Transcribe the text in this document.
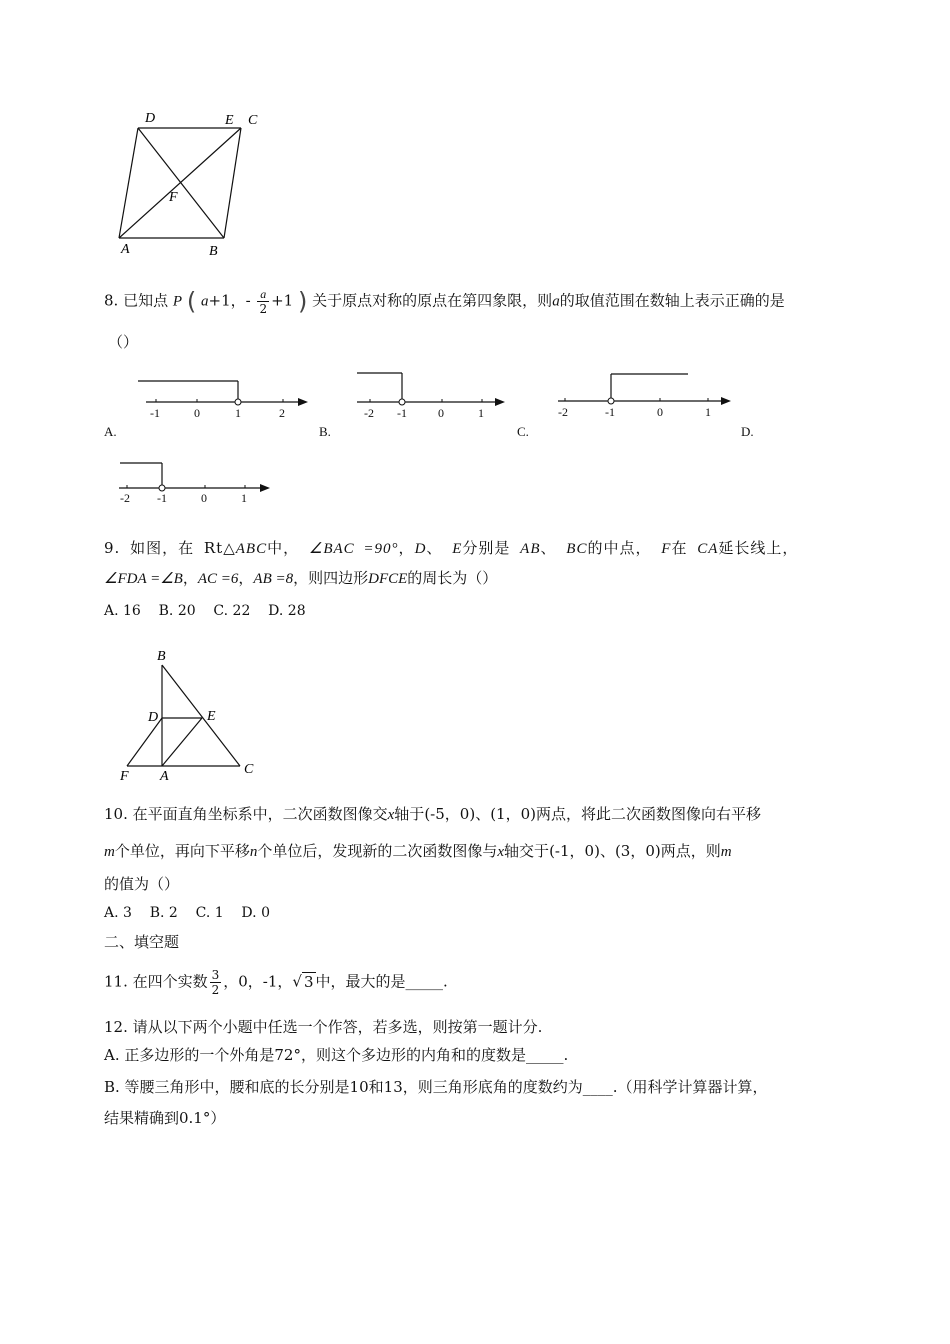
D	E C
F
A	B
8. 已知点 P ( a+1，- $\frac{a}{2} +1$ ) 关于原点对称的原点在第四象限，则a的取值范围在数轴上表示正确的是
（）
-1	0	1	2
A.
-2 -1	0	1
B.
-2	-1	0	1
C.	D.
-2 -1	0	1
9. 如图，在 Rt△ABC中， ∠BAC =90°，D、 E分别是 AB、 BC的中点， F在 CA延长线上，
∠FDA =∠B，AC =6，AB =8，则四边形DFCE的周长为（）
A. 16    B. 20    C. 22    D. 28
B
D	E
F A	C
10. 在平面直角坐标系中，二次函数图像交x轴于(-5，0)、(1，0)两点，将此二次函数图像向右平移
m个单位，再向下平移n个单位后，发现新的二次函数图像与x轴交于(-1，0)、(3，0)两点，则m
的值为（）
A. 3    B. 2    C. 1    D. 0
二、填空题
11. 在四个实数 $\frac{3}{2}$ ，0，-1，√ 3 中，最大的是_____.
12. 请从以下两个小题中任选一个作答，若多选，则按第一题计分.
A. 正多边形的一个外角是72°，则这个多边形的内角和的度数是_____.
B. 等腰三角形中，腰和底的长分别是10和13，则三角形底角的度数约为____.（用科学计算器计算，
结果精确到0.1°）
